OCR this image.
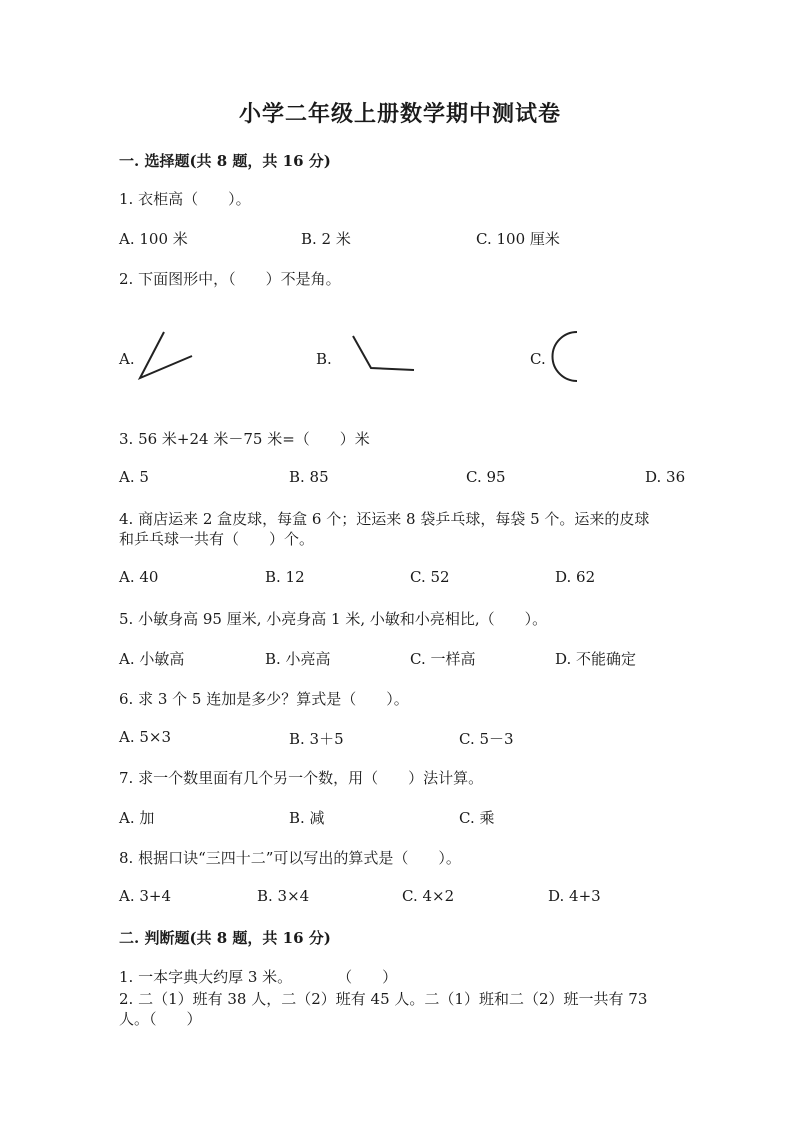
小学二年级上册数学期中测试卷
一. 选择题(共 8 题，共 16 分)
1. 衣柜高（　　）。
A. 100 米	B. 2 米	C. 100 厘米
2. 下面图形中，（　　）不是角。
A.	B.	C.
3. 56 米+24 米－75 米=（　　）米
A. 5	B. 85	C. 95	D. 36
4. 商店运来 2 盒皮球，每盒 6 个；还运来 8 袋乒乓球，每袋 5 个。运来的皮球
和乒乓球一共有（　　）个。
A. 40	B. 12	C. 52	D. 62
5. 小敏身高 95 厘米, 小亮身高 1 米, 小敏和小亮相比,（　　）。
A. 小敏高	B. 小亮高	C. 一样高	D. 不能确定
6. 求 3 个 5 连加是多少？算式是（　　）。
A. 5×3	B. 3＋5	C. 5－3
7. 求一个数里面有几个另一个数，用（　　）法计算。
A. 加	B. 减	C. 乘
8. 根据口诀“三四十二”可以写出的算式是（　　）。
A. 3+4	B. 3×4	C. 4×2	D. 4+3
二. 判断题(共 8 题，共 16 分)
1. 一本字典大约厚 3 米。　　　　（　　）
2. 二（1）班有 38 人，二（2）班有 45 人。二（1）班和二（2）班一共有 73
人。（　　）
